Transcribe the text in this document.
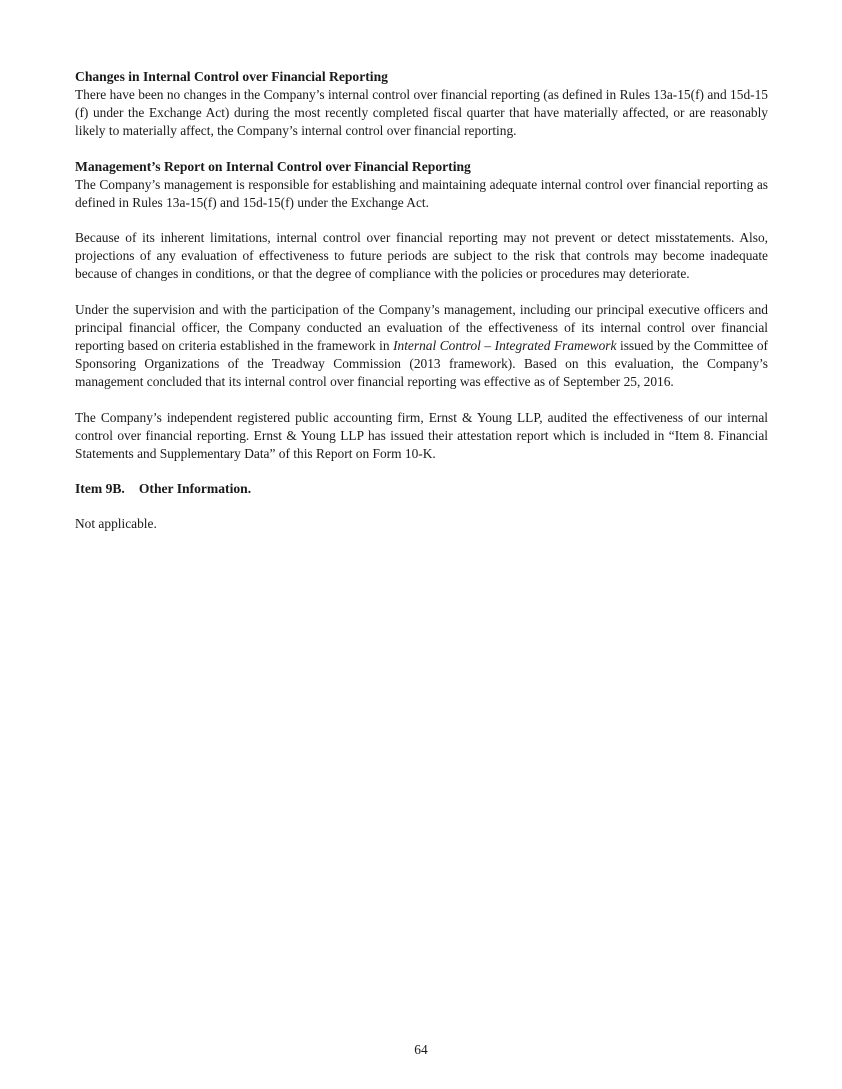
Changes in Internal Control over Financial Reporting

There have been no changes in the Company’s internal control over financial reporting (as defined in Rules 13a-15(f) and 15d-15 (f) under the Exchange Act) during the most recently completed fiscal quarter that have materially affected, or are reasonably likely to materially affect, the Company’s internal control over financial reporting.

Management’s Report on Internal Control over Financial Reporting

The Company’s management is responsible for establishing and maintaining adequate internal control over financial reporting as defined in Rules 13a-15(f) and 15d-15(f) under the Exchange Act.

Because of its inherent limitations, internal control over financial reporting may not prevent or detect misstatements. Also, projections of any evaluation of effectiveness to future periods are subject to the risk that controls may become inadequate because of changes in conditions, or that the degree of compliance with the policies or procedures may deteriorate.

Under the supervision and with the participation of the Company’s management, including our principal executive officers and principal financial officer, the Company conducted an evaluation of the effectiveness of its internal control over financial reporting based on criteria established in the framework in Internal Control – Integrated Framework issued by the Committee of Sponsoring Organizations of the Treadway Commission (2013 framework). Based on this evaluation, the Company’s management concluded that its internal control over financial reporting was effective as of September 25, 2016.

The Company’s independent registered public accounting firm, Ernst & Young LLP, audited the effectiveness of our internal control over financial reporting. Ernst & Young LLP has issued their attestation report which is included in “Item 8. Financial Statements and Supplementary Data” of this Report on Form 10-K.

Item 9B. Other Information.

Not applicable.

64
